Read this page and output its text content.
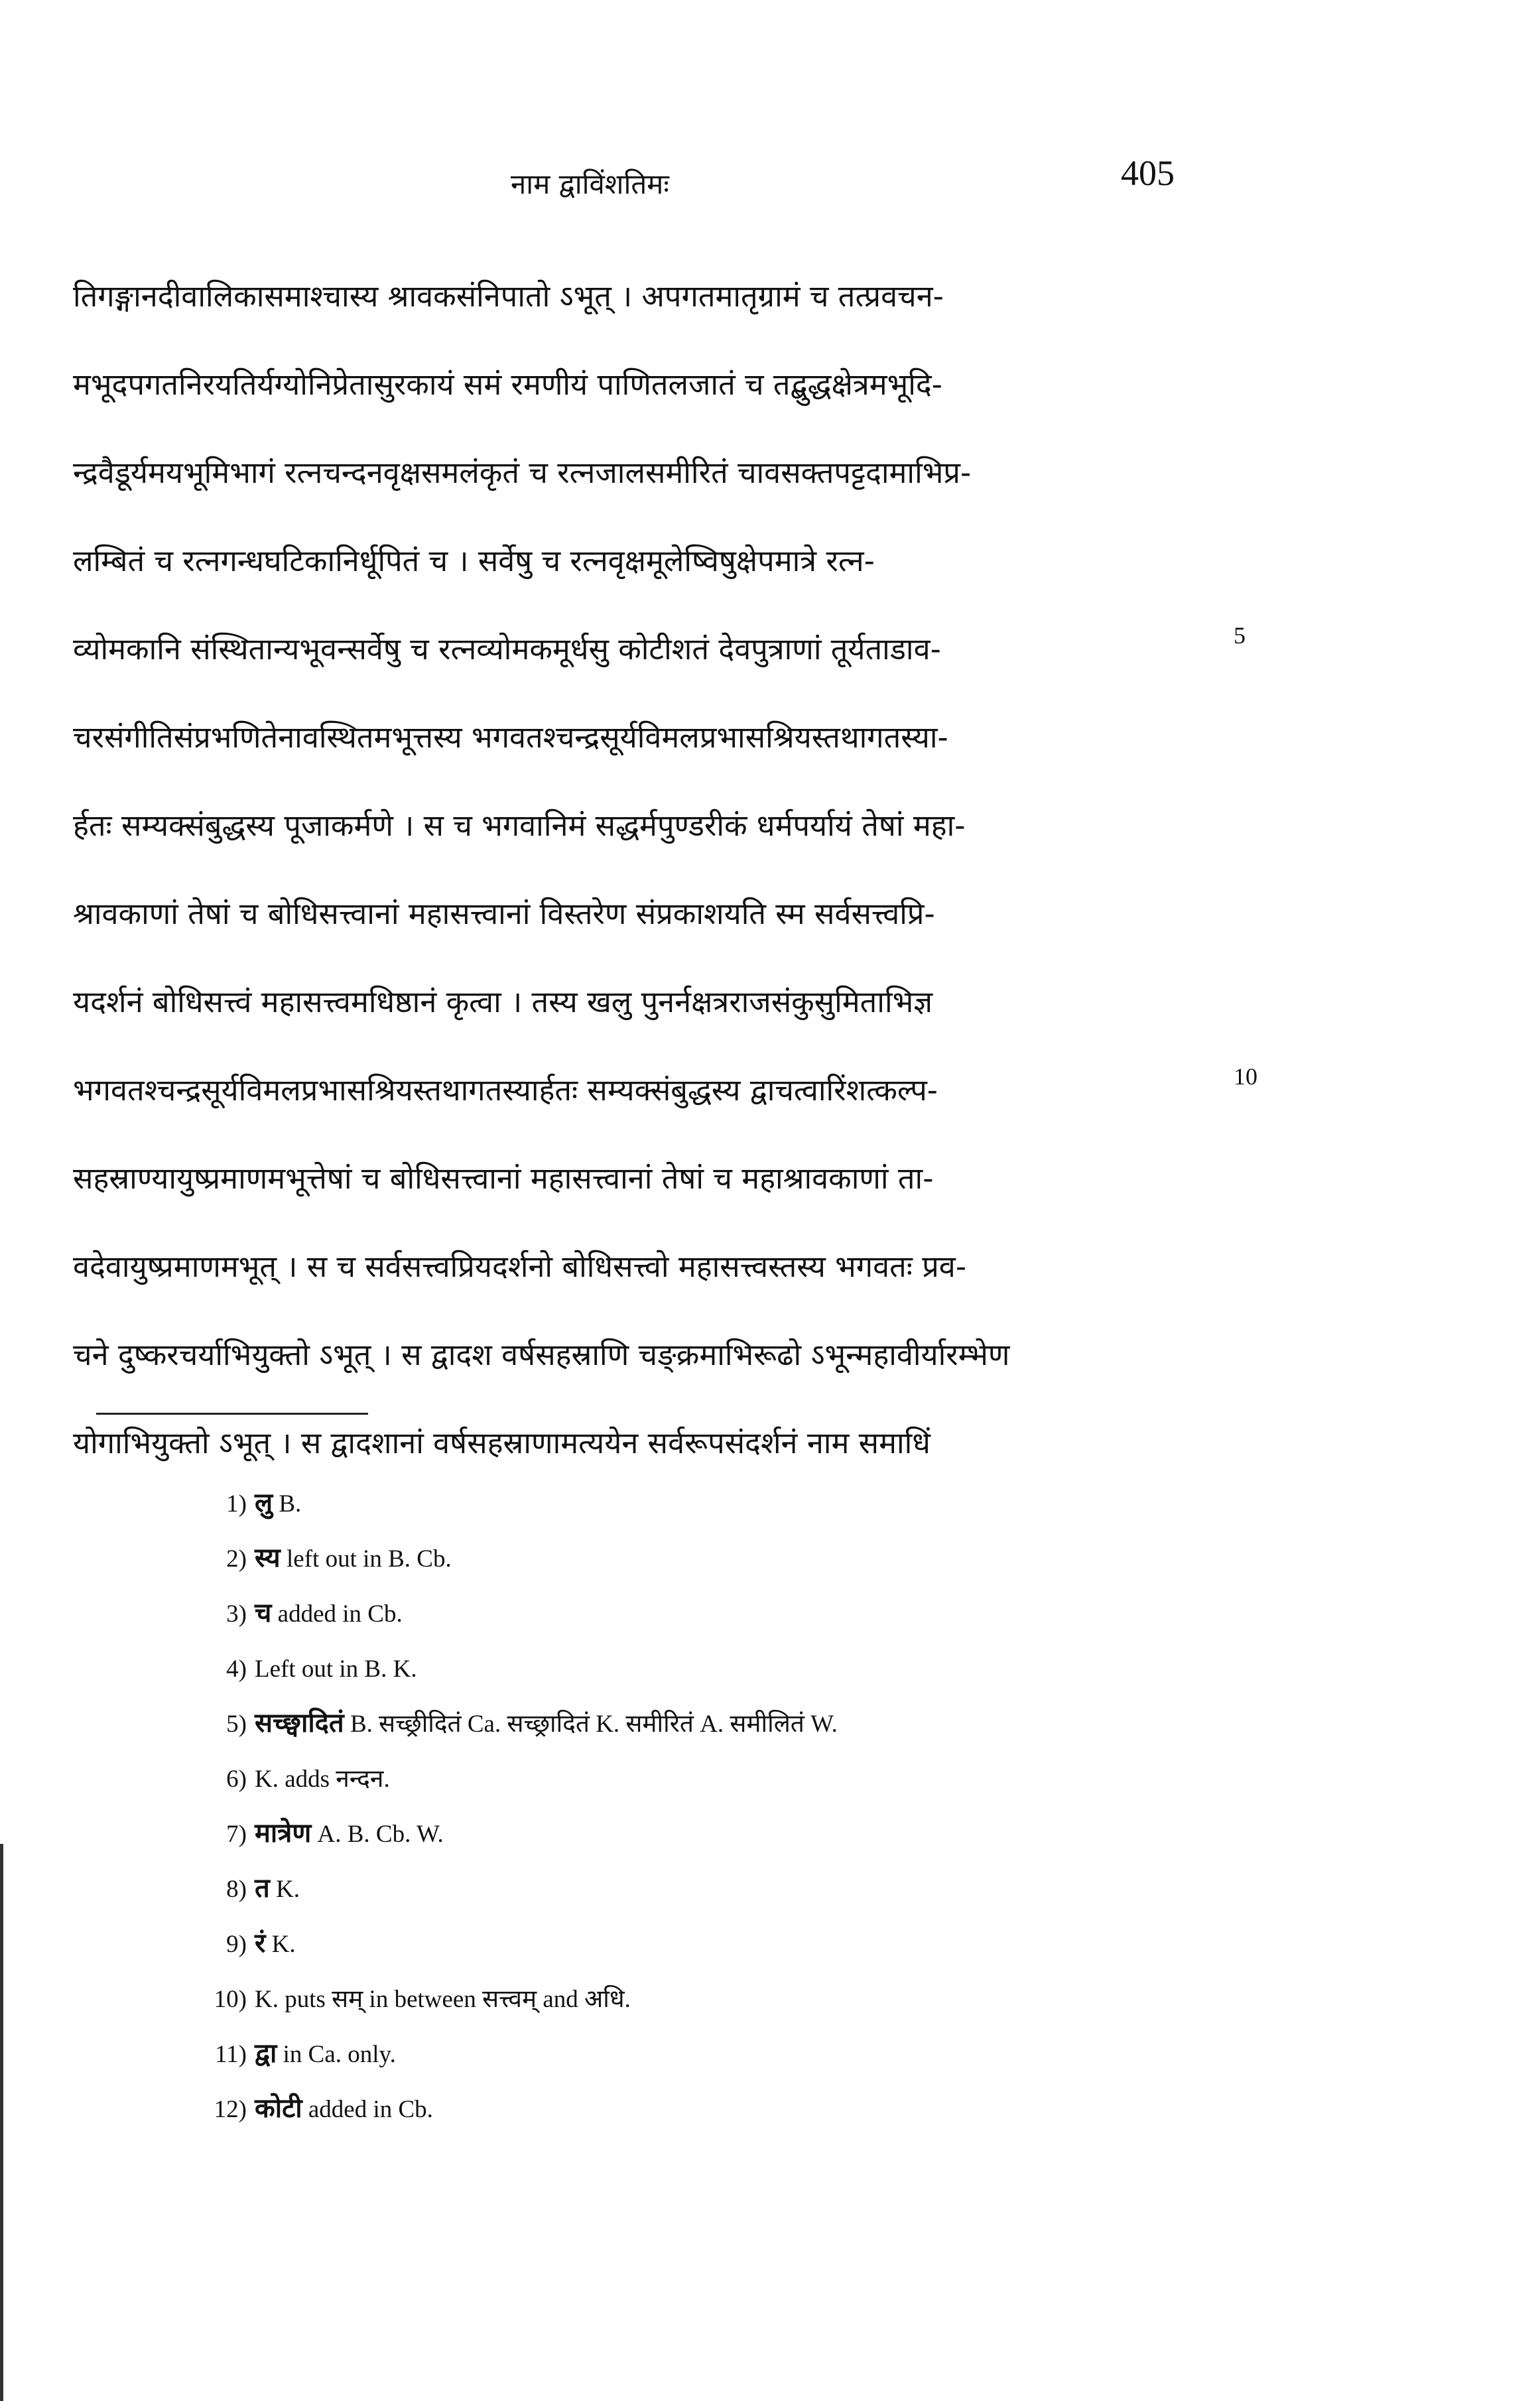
नाम द्वाविंशतिमः	405
तिगङ्गानदीवालिकासमाश्चास्य श्रावकसंनिपातो ऽभूत् । अपगतमातृग्रामं च तत्प्रवचन-
मभूदपगतनिरयतिर्यग्योनिप्रेतासुरकायं समं रमणीयं पाणितलजातं च तद्बुद्धक्षेत्रमभूदि-
न्द्रवैडूर्यमयभूमिभागं रत्नचन्दनवृक्षसमलंकृतं च रत्नजालसमीरितं चावसक्तपट्टदामाभिप्र-
लम्बितं च रत्नगन्धघटिकानिर्धूपितं च । सर्वेषु च रत्नवृक्षमूलेष्विषुक्षेपमात्रे रत्न-
व्योमकानि संस्थितान्यभूवन्सर्वेषु च रत्नव्योमकमूर्धसु कोटीशतं देवपुत्राणां तूर्यताडाव-
चरसंगीतिसंप्रभणितेनावस्थितमभूत्तस्य भगवतश्चन्द्रसूर्यविमलप्रभासश्रियस्तथागतस्या-
र्हतः सम्यक्संबुद्धस्य पूजाकर्मणे । स च भगवानिमं सद्धर्मपुण्डरीकं धर्मपर्यायं तेषां महा-
श्रावकाणां तेषां च बोधिसत्त्वानां महासत्त्वानां विस्तरेण संप्रकाशयति स्म सर्वसत्त्वप्रि-
यदर्शनं बोधिसत्त्वं महासत्त्वमधिष्ठानं कृत्वा । तस्य खलु पुनर्नक्षत्रराजसंकुसुमिताभिज्ञ
भगवतश्चन्द्रसूर्यविमलप्रभासश्रियस्तथागतस्यार्हतः सम्यक्संबुद्धस्य द्वाचत्वारिंशत्कल्प-
सहस्राण्यायुष्प्रमाणमभूत्तेषां च बोधिसत्त्वानां महासत्त्वानां तेषां च महाश्रावकाणां ता-
वदेवायुष्प्रमाणमभूत् । स च सर्वसत्त्वप्रियदर्शनो बोधिसत्त्वो महासत्त्वस्तस्य भगवतः प्रव-
चने दुष्करचर्याभियुक्तो ऽभूत् । स द्वादश वर्षसहस्राणि चङ्क्रमाभिरूढो ऽभून्महावीर्यारम्भेण
योगाभियुक्तो ऽभूत् । स द्वादशानां वर्षसहस्राणामत्ययेन सर्वरूपसंदर्शनं नाम समाधिं
5
10
1) लु B.
2) स्य left out in B. Cb.
3) च added in Cb.
4) Left out in B. K.
5) सच्छ्वादितं B. सच्छ्रीदितं Ca. सच्छ्रादितं K. समीरितं A. समीलितं W.
6) K. adds नन्दन.
7) मात्रेण A. B. Cb. W.
8) त K.
9) रं K.
10) K. puts सम् in between सत्त्वम् and अधि.
11) द्वा in Ca. only.
12) कोटी added in Cb.
